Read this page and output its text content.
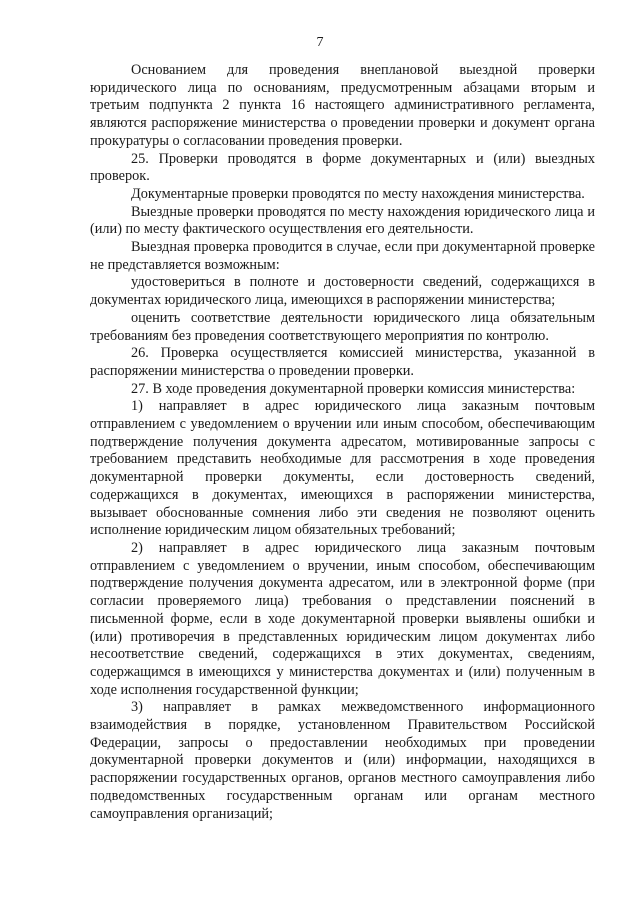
7

Основанием для проведения внеплановой выездной проверки юридического лица по основаниям, предусмотренным абзацами вторым и третьим подпункта 2 пункта 16 настоящего административного регламента, являются распоряжение министерства о проведении проверки и документ органа прокуратуры о согласовании проведения проверки.

25. Проверки проводятся в форме документарных и (или) выездных проверок.

Документарные проверки проводятся по месту нахождения министерства.

Выездные проверки проводятся по месту нахождения юридического лица и (или) по месту фактического осуществления его деятельности.

Выездная проверка проводится в случае, если при документарной проверке не представляется возможным:

удостовериться в полноте и достоверности сведений, содержащихся в документах юридического лица, имеющихся в распоряжении министерства;

оценить соответствие деятельности юридического лица обязательным требованиям без проведения соответствующего мероприятия по контролю.

26. Проверка осуществляется комиссией министерства, указанной в распоряжении министерства о проведении проверки.

27. В ходе проведения документарной проверки комиссия министерства:

1) направляет в адрес юридического лица заказным почтовым отправлением с уведомлением о вручении или иным способом, обеспечивающим подтверждение получения документа адресатом, мотивированные запросы с требованием представить необходимые для рассмотрения в ходе проведения документарной проверки документы, если достоверность сведений, содержащихся в документах, имеющихся в распоряжении министерства, вызывает обоснованные сомнения либо эти сведения не позволяют оценить исполнение юридическим лицом обязательных требований;

2) направляет в адрес юридического лица заказным почтовым отправлением с уведомлением о вручении, иным способом, обеспечивающим подтверждение получения документа адресатом, или в электронной форме (при согласии проверяемого лица) требования о представлении пояснений в письменной форме, если в ходе документарной проверки выявлены ошибки и (или) противоречия в представленных юридическим лицом документах либо несоответствие сведений, содержащихся в этих документах, сведениям, содержащимся в имеющихся у министерства документах и (или) полученным в ходе исполнения государственной функции;

3) направляет в рамках межведомственного информационного взаимодействия в порядке, установленном Правительством Российской Федерации, запросы о предоставлении необходимых при проведении документарной проверки документов и (или) информации, находящихся в распоряжении государственных органов, органов местного самоуправления либо подведомственных государственным органам или органам местного самоуправления организаций;
